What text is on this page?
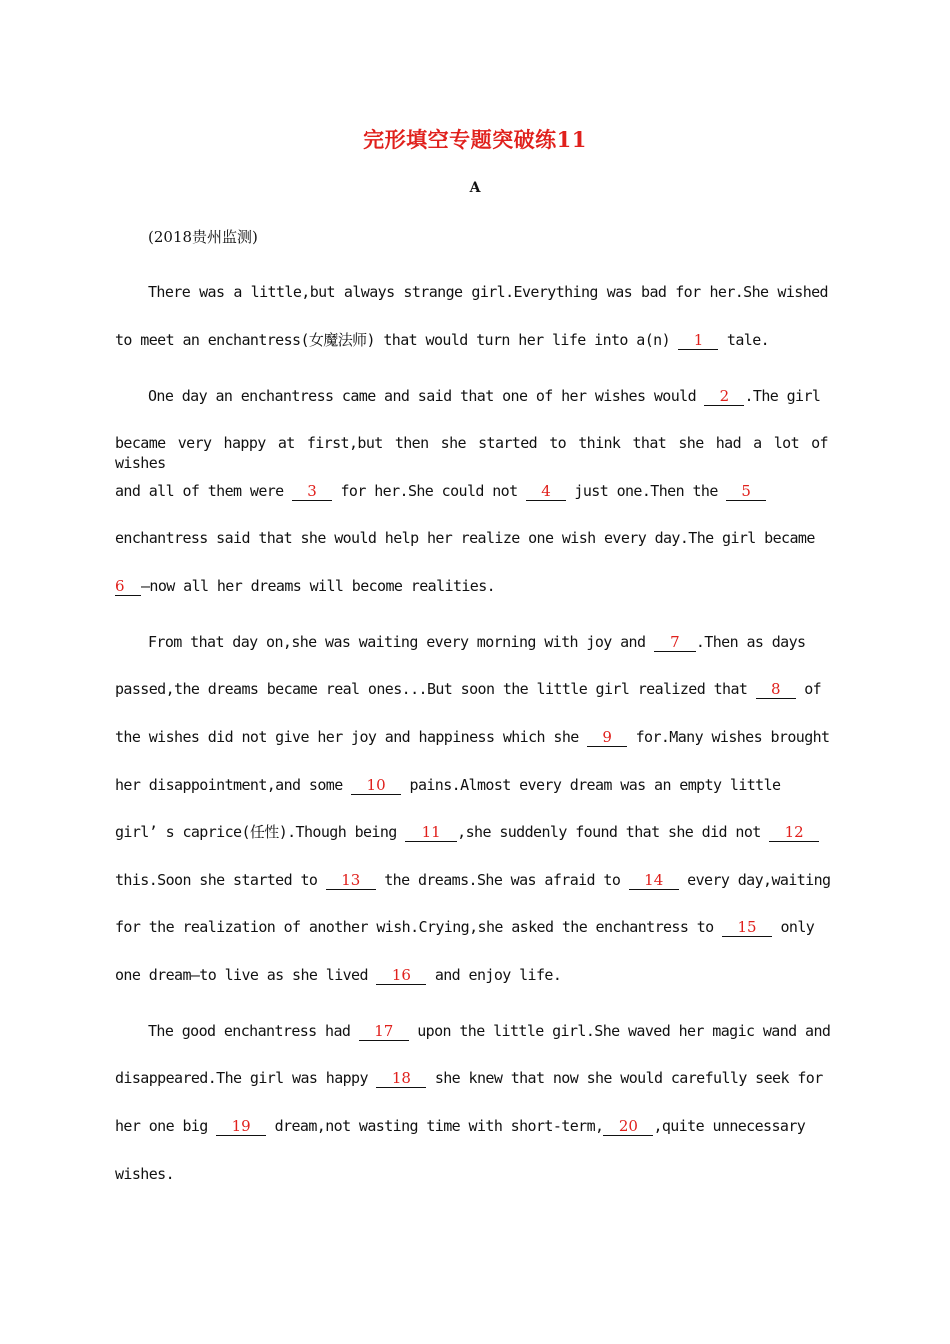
完形填空专题突破练11
A
(2018贵州监测)
There was a little,but always strange girl.Everything was bad for her.She wished
to meet an enchantress(女魔法师) that would turn her life into a(n) 1 tale.
One day an enchantress came and said that one of her wishes would 2 .The girl
became very happy at first,but then she started to think that she had a lot of wishes
and all of them were 3 for her.She could not 4 just one.Then the 5
enchantress said that she would help her realize one wish every day.The girl became
6 —now all her dreams will become realities.
From that day on,she was waiting every morning with joy and 7 .Then as days
passed,the dreams became real ones...But soon the little girl realized that 8 of
the wishes did not give her joy and happiness which she 9 for.Many wishes brought
her disappointment,and some 10 pains.Almost every dream was an empty little
girl’ s caprice(任性).Though being 11 ,she suddenly found that she did not 12
this.Soon she started to 13 the dreams.She was afraid to 14 every day,waiting
for the realization of another wish.Crying,she asked the enchantress to 15 only
one dream—to live as she lived 16 and enjoy life.
The good enchantress had 17 upon the little girl.She waved her magic wand and
disappeared.The girl was happy 18 she knew that now she would carefully seek for
her one big 19 dream,not wasting time with short-term, 20 ,quite unnecessary
wishes.
